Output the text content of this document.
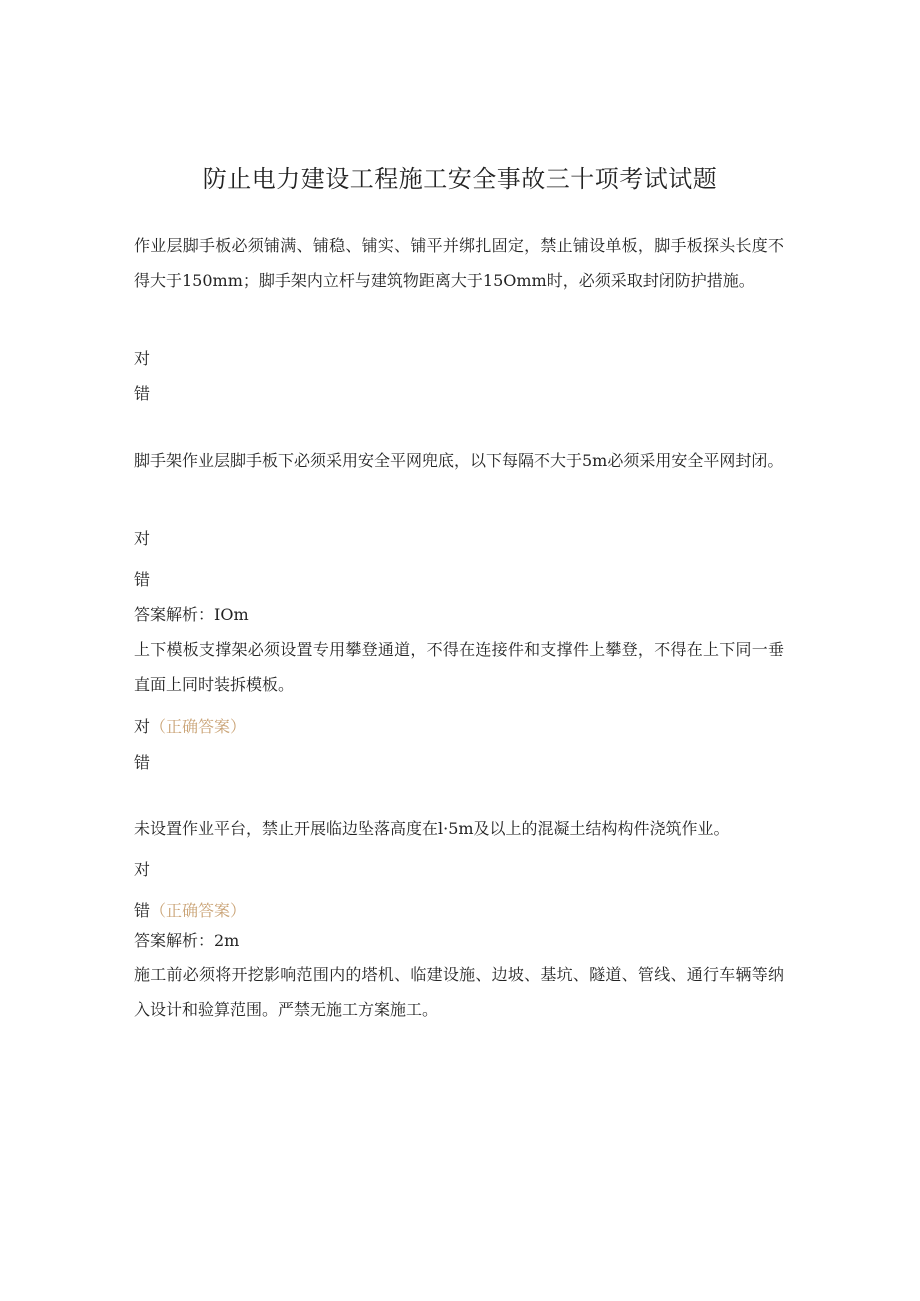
防止电力建设工程施工安全事故三十项考试试题
作业层脚手板必须铺满、铺稳、铺实、铺平并绑扎固定，禁止铺设单板，脚手板探头长度不得大于150mm；脚手架内立杆与建筑物距离大于15Omm时，必须采取封闭防护措施。
对
错
脚手架作业层脚手板下必须采用安全平网兜底，以下每隔不大于5m必须采用安全平网封闭。
对
错
答案解析：IOm
上下模板支撑架必须设置专用攀登通道，不得在连接件和支撑件上攀登，不得在上下同一垂直面上同时装拆模板。
对（正确答案）
错
未设置作业平台，禁止开展临边坠落高度在l·5m及以上的混凝土结构构件浇筑作业。
对
错（正确答案）
答案解析：2m
施工前必须将开挖影响范围内的塔机、临建设施、边坡、基坑、隧道、管线、通行车辆等纳入设计和验算范围。严禁无施工方案施工。
